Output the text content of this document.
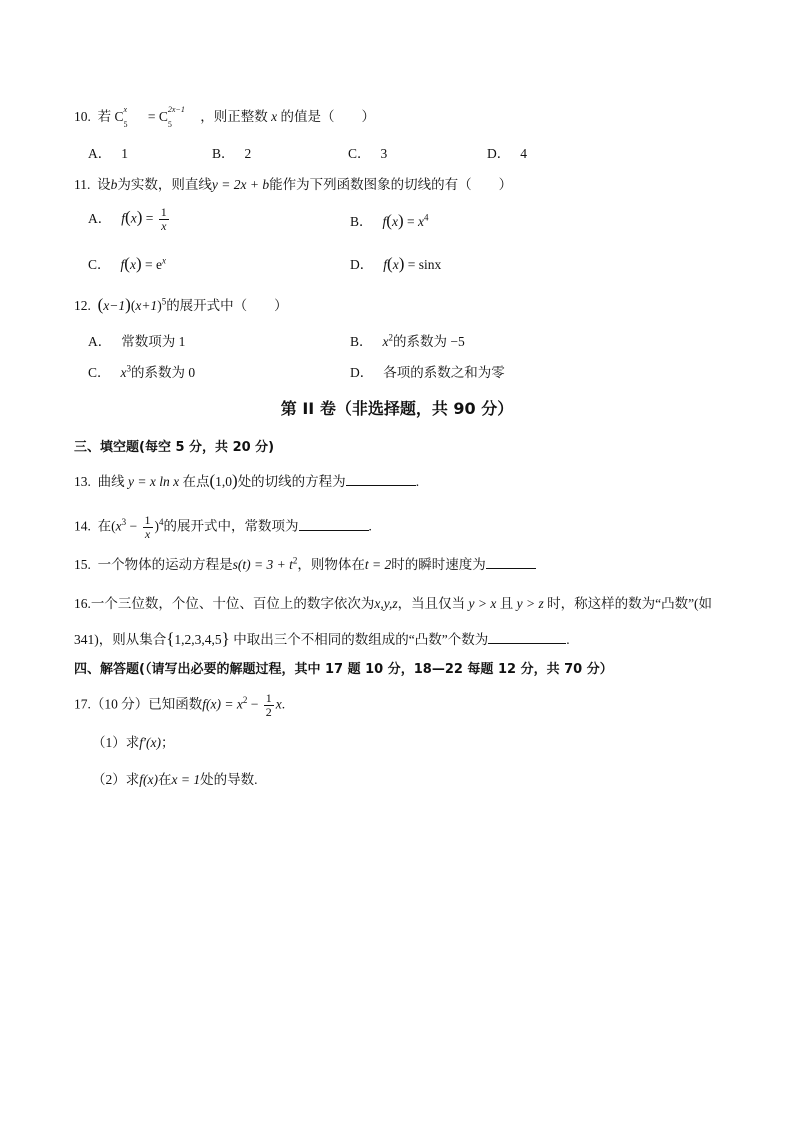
10. 若 C x
5
= C 2x−1
5
，则正整数 x 的值是（　　）
A． 1	B． 2	C． 3	D． 4
11. 设b为实数，则直线y = 2x + b能作为下列函数图象的切线的有（　　）
A． $f(x) = \frac{1}{x}$	B． $f(x) = x^4$
C． $f(x) = e^x$	D． f(x) = sinx
12. $(x-1)(x+1)^5$的展开式中（　　）
A． 常数项为 1	B． $x^2$的系数为 −5
C． $x^3$的系数为 0	D． 各项的系数之和为零
第 II 卷（非选择题，共 90 分）
三、填空题(每空 5 分，共 20 分)
13. 曲线 y = x ln x 在点(1,0)处的切线的方程为	.
14. 在$(x^3 - \frac{1}{x} )^4$的展开式中，常数项为	.
15. 一个物体的运动方程是$s(t) = 3 + t^2$，则物体在t = 2时的瞬时速度为
16.一个三位数，个位、十位、百位上的数字依次为x,y,z，当且仅当 y > x 且 y > z 时，称这样的数为“凸数”(如
341)，则从集合{1,2,3,4,5} 中取出三个不相同的数组成的“凸数”个数为	.
四、解答题(（请写出必要的解题过程，其中 17 题 10 分，18—22 每题 12 分，共 70 分）
17.（10 分）已知函数$f(x) = x^2 - \frac{1}{2} x$.
（1）求f′(x)；
（2）求f(x)在x = 1处的导数.
